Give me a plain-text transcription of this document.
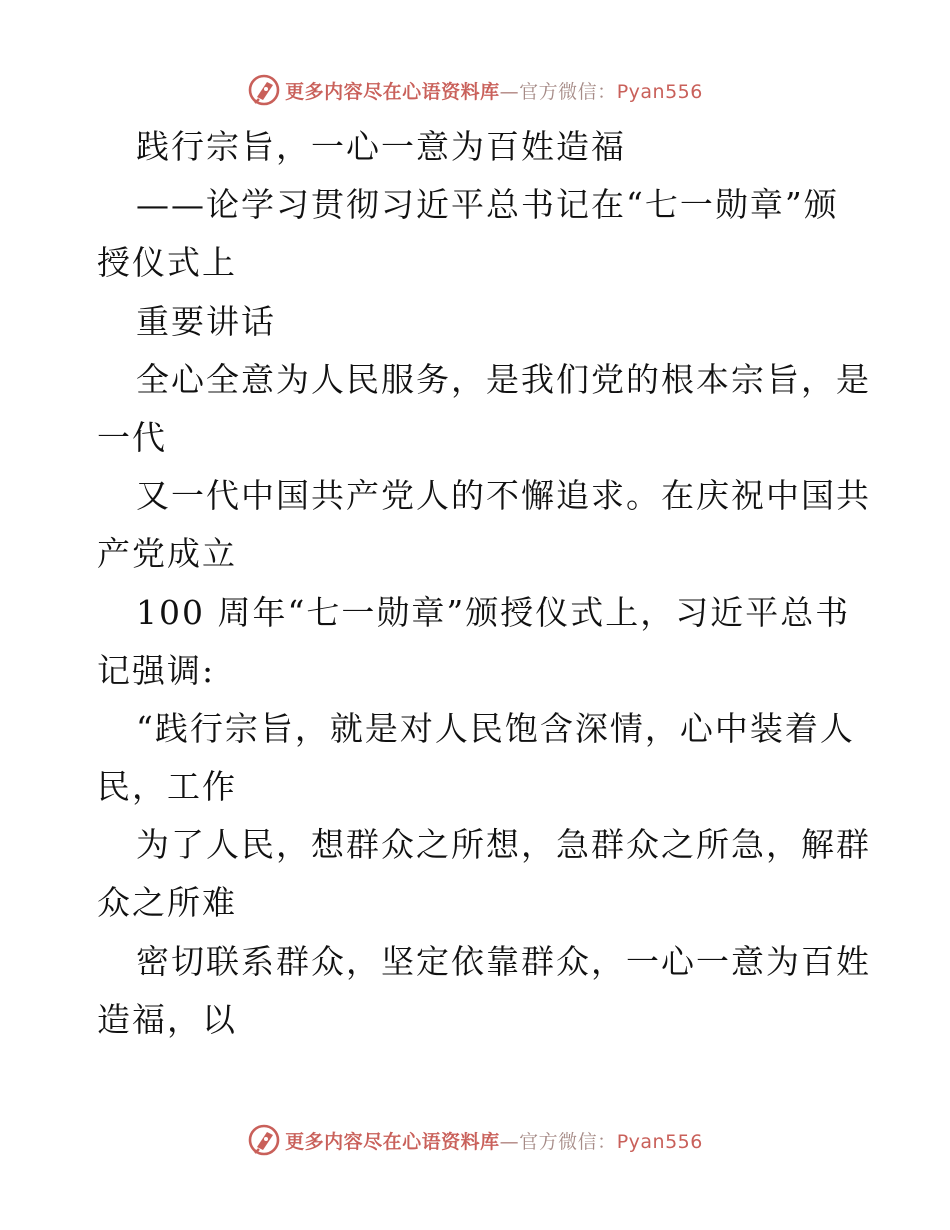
更多内容尽在心语资料库—官方微信：Pyan556
践行宗旨，一心一意为百姓造福
——论学习贯彻习近平总书记在“七一勋章”颁
授仪式上
重要讲话
全心全意为人民服务，是我们党的根本宗旨，是
一代
又一代中国共产党人的不懈追求。在庆祝中国共
产党成立
100 周年“七一勋章”颁授仪式上，习近平总书
记强调:
“践行宗旨，就是对人民饱含深情，心中装着人
民，工作
为了人民，想群众之所想，急群众之所急，解群
众之所难
密切联系群众，坚定依靠群众，一心一意为百姓
造福，以
更多内容尽在心语资料库—官方微信：Pyan556
